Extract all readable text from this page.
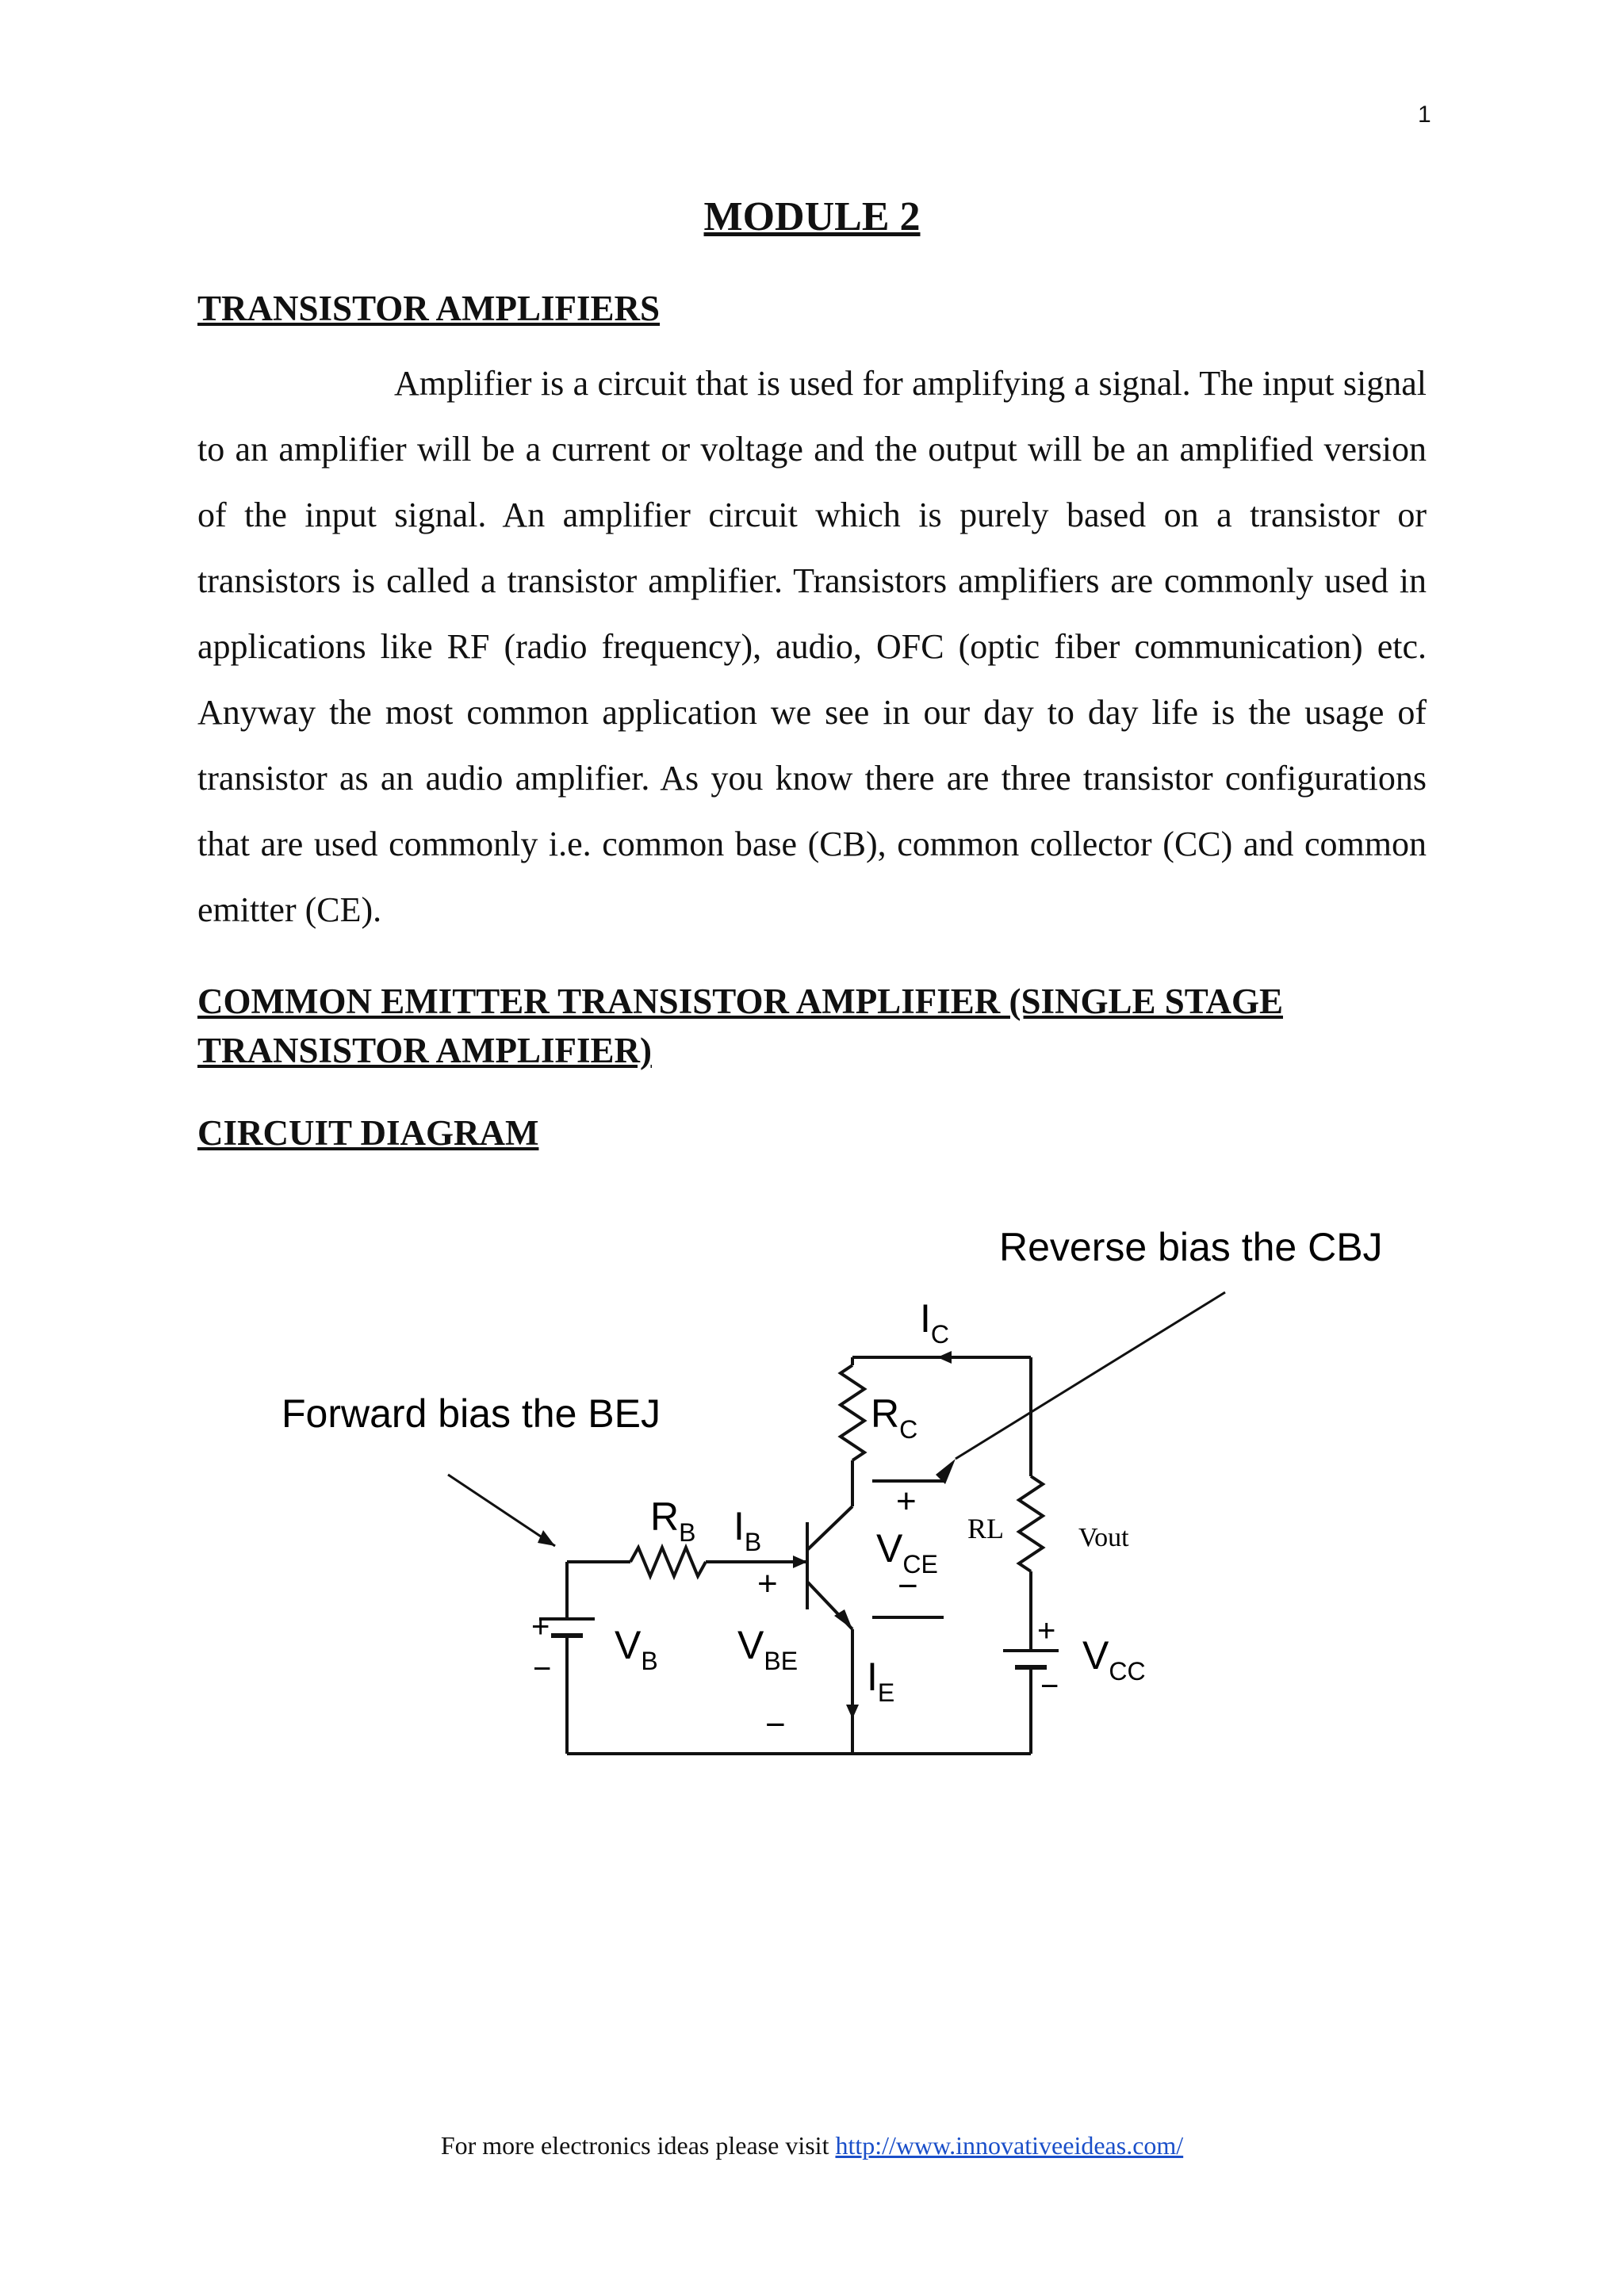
1
MODULE 2
TRANSISTOR AMPLIFIERS

Amplifier is a circuit that is used for amplifying a signal. The input signal to an amplifier will be a current or voltage and the output will be an amplified version of the input signal. An amplifier circuit which is purely based on a transistor or transistors is called a transistor amplifier. Transistors amplifiers are commonly used in applications like RF (radio frequency), audio, OFC (optic fiber communication) etc. Anyway the most common application we see in our day to day life is the usage of transistor as an audio amplifier. As you know there are three transistor configurations that are used commonly i.e. common base (CB), common collector (CC) and common emitter (CE).

COMMON EMITTER TRANSISTOR AMPLIFIER (SINGLE STAGE TRANSISTOR AMPLIFIER)
CIRCUIT DIAGRAM
Reverse bias the CBJ
Forward bias the BEJ
$I_C$
$R_C$
$R_B$ $I_B$
+
$V_{CE}$
−
RL	Vout
+
+
−
$V_B$ $V_{BE}$
−
$I_E$
+
−
$V_{CC}$
For more electronics ideas please visit http://www.innovativeeideas.com/
